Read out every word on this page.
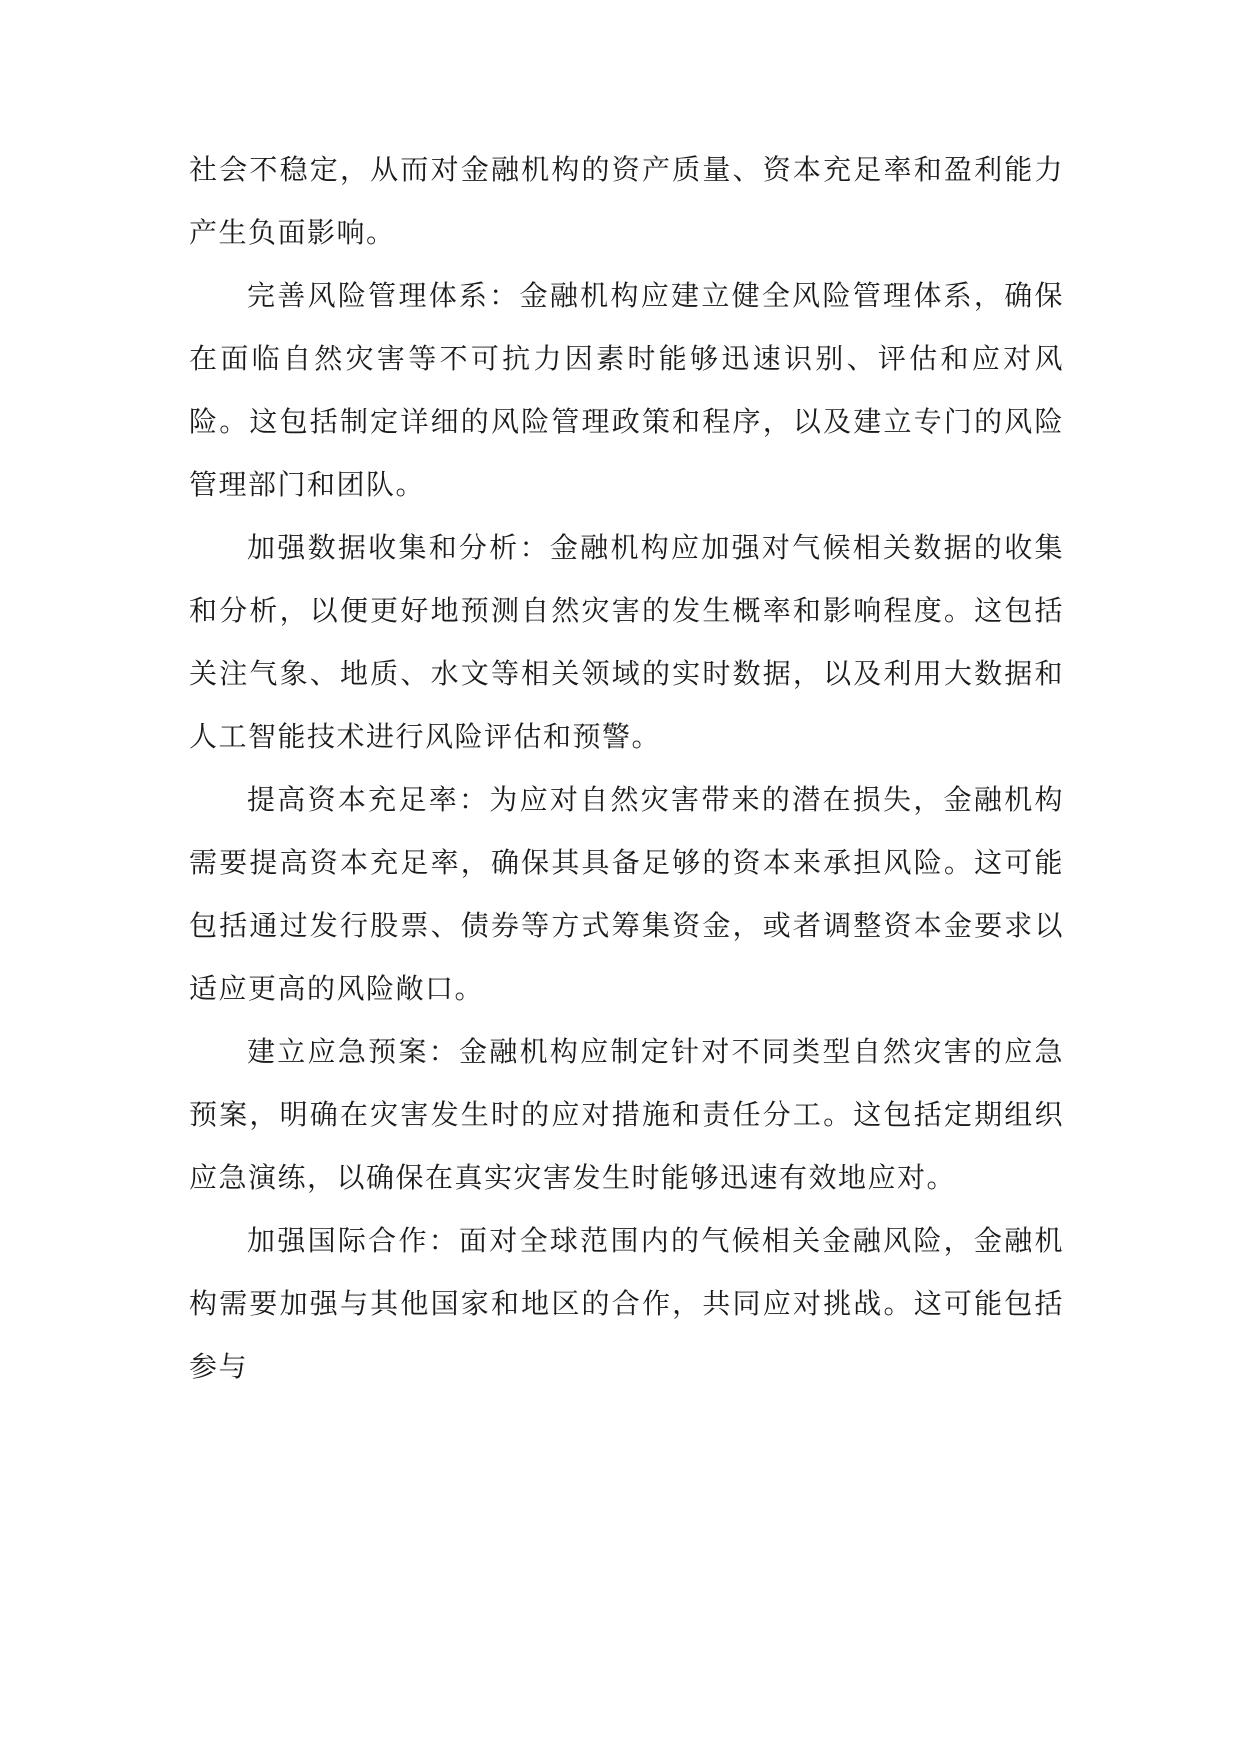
社会不稳定，从而对金融机构的资产质量、资本充足率和盈利能力产生负面影响。

完善风险管理体系：金融机构应建立健全风险管理体系，确保在面临自然灾害等不可抗力因素时能够迅速识别、评估和应对风险。这包括制定详细的风险管理政策和程序，以及建立专门的风险管理部门和团队。

加强数据收集和分析：金融机构应加强对气候相关数据的收集和分析，以便更好地预测自然灾害的发生概率和影响程度。这包括关注气象、地质、水文等相关领域的实时数据，以及利用大数据和人工智能技术进行风险评估和预警。

提高资本充足率：为应对自然灾害带来的潜在损失，金融机构需要提高资本充足率，确保其具备足够的资本来承担风险。这可能包括通过发行股票、债券等方式筹集资金，或者调整资本金要求以适应更高的风险敞口。

建立应急预案：金融机构应制定针对不同类型自然灾害的应急预案，明确在灾害发生时的应对措施和责任分工。这包括定期组织应急演练，以确保在真实灾害发生时能够迅速有效地应对。

加强国际合作：面对全球范围内的气候相关金融风险，金融机构需要加强与其他国家和地区的合作，共同应对挑战。这可能包括参与
